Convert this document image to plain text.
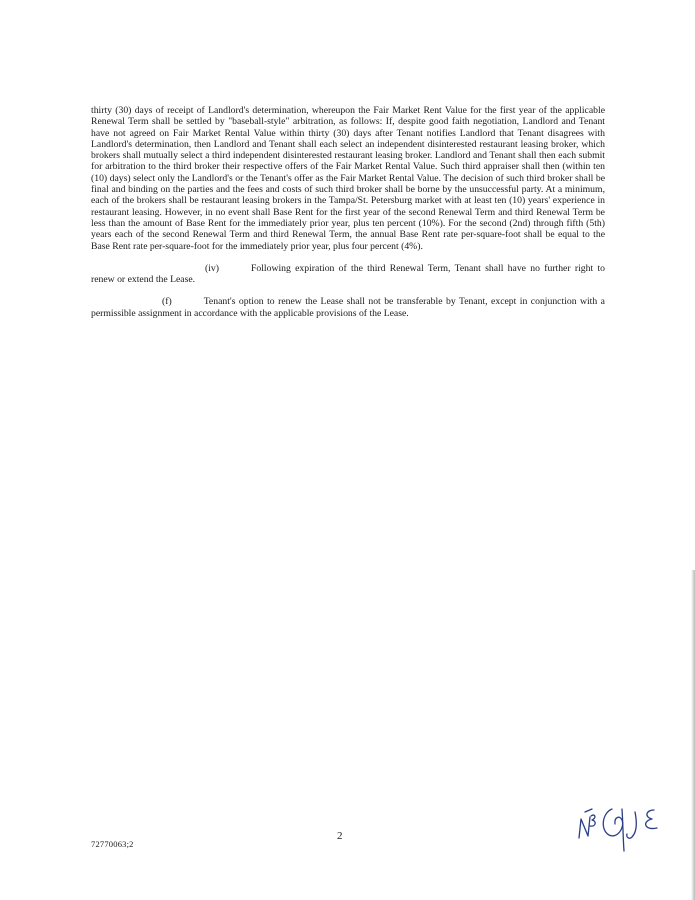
thirty (30) days of receipt of Landlord's determination, whereupon the Fair Market Rent Value for the first year of the applicable Renewal Term shall be settled by "baseball-style" arbitration, as follows: If, despite good faith negotiation, Landlord and Tenant have not agreed on Fair Market Rental Value within thirty (30) days after Tenant notifies Landlord that Tenant disagrees with Landlord's determination, then Landlord and Tenant shall each select an independent disinterested restaurant leasing broker, which brokers shall mutually select a third independent disinterested restaurant leasing broker. Landlord and Tenant shall then each submit for arbitration to the third broker their respective offers of the Fair Market Rental Value. Such third appraiser shall then (within ten (10) days) select only the Landlord's or the Tenant's offer as the Fair Market Rental Value. The decision of such third broker shall be final and binding on the parties and the fees and costs of such third broker shall be borne by the unsuccessful party. At a minimum, each of the brokers shall be restaurant leasing brokers in the Tampa/St. Petersburg market with at least ten (10) years' experience in restaurant leasing. However, in no event shall Base Rent for the first year of the second Renewal Term and third Renewal Term be less than the amount of Base Rent for the immediately prior year, plus ten percent (10%). For the second (2nd) through fifth (5th) years each of the second Renewal Term and third Renewal Term, the annual Base Rent rate per-square-foot shall be equal to the Base Rent rate per-square-foot for the immediately prior year, plus four percent (4%).

(iv)	Following expiration of the third Renewal Term, Tenant shall have no further right to renew or extend the Lease.

(f)	Tenant's option to renew the Lease shall not be transferable by Tenant, except in conjunction with a permissible assignment in accordance with the applicable provisions of the Lease.

2
72770063;2
